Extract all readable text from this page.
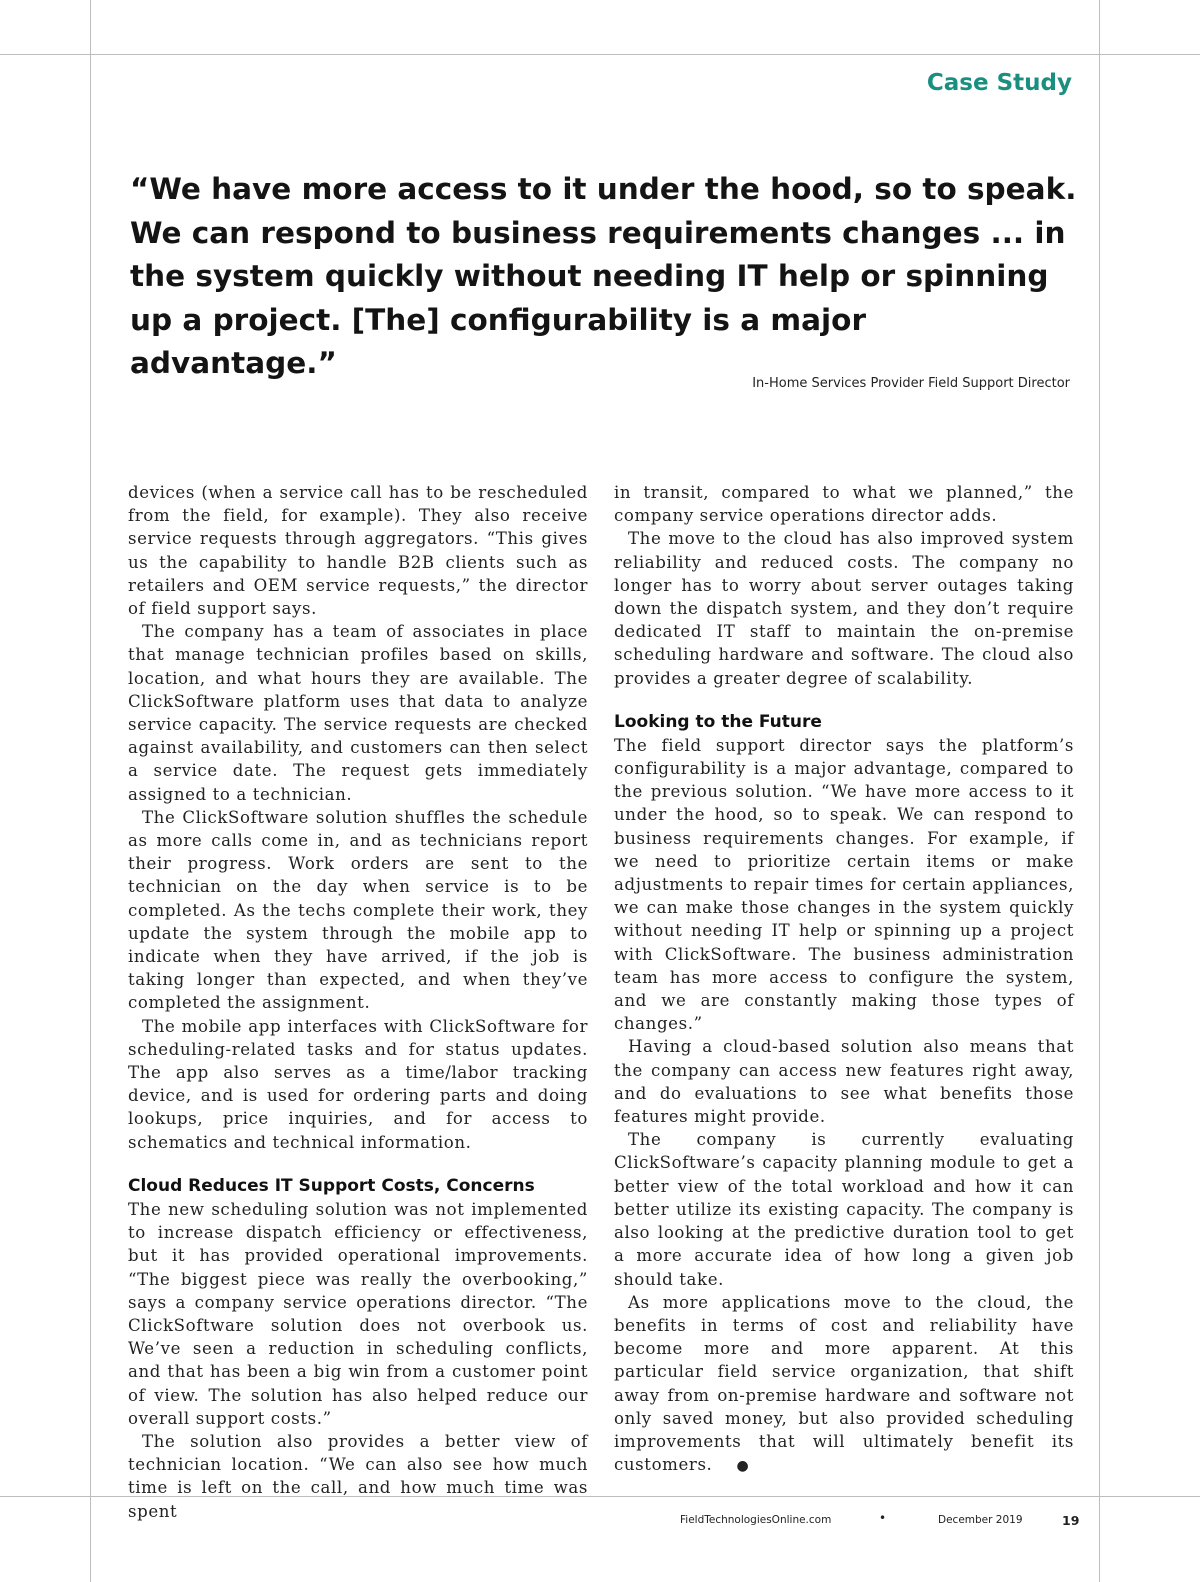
Case Study

“We have more access to it under the hood, so to speak. We can respond to business requirements changes ... in the system quickly without needing IT help or spinning up a project. [The] configurability is a major advantage.”

In-Home Services Provider Field Support Director

devices (when a service call has to be rescheduled from the field, for example). They also receive service requests through aggregators. “This gives us the capability to handle B2B clients such as retailers and OEM service requests,” the director of field support says.

The company has a team of associates in place that manage technician profiles based on skills, location, and what hours they are available. The ClickSoftware platform uses that data to analyze service capacity. The service requests are checked against availability, and customers can then select a service date. The request gets immediately assigned to a technician.

The ClickSoftware solution shuffles the schedule as more calls come in, and as technicians report their progress. Work orders are sent to the technician on the day when service is to be completed. As the techs complete their work, they update the system through the mobile app to indicate when they have arrived, if the job is taking longer than expected, and when they’ve completed the assignment.

The mobile app interfaces with ClickSoftware for scheduling-related tasks and for status updates. The app also serves as a time/labor tracking device, and is used for ordering parts and doing lookups, price inquiries, and for access to schematics and technical information.

Cloud Reduces IT Support Costs, Concerns

The new scheduling solution was not implemented to increase dispatch efficiency or effectiveness, but it has provided operational improvements. “The biggest piece was really the overbooking,” says a company service operations director. “The ClickSoftware solution does not overbook us. We’ve seen a reduction in scheduling conflicts, and that has been a big win from a customer point of view. The solution has also helped reduce our overall support costs.”

The solution also provides a better view of technician location. “We can also see how much time is left on the call, and how much time was spent

in transit, compared to what we planned,” the company service operations director adds.

The move to the cloud has also improved system reliability and reduced costs. The company no longer has to worry about server outages taking down the dispatch system, and they don’t require dedicated IT staff to maintain the on-premise scheduling hardware and software. The cloud also provides a greater degree of scalability.

Looking to the Future

The field support director says the platform’s configurability is a major advantage, compared to the previous solution. “We have more access to it under the hood, so to speak. We can respond to business requirements changes. For example, if we need to prioritize certain items or make adjustments to repair times for certain appliances, we can make those changes in the system quickly without needing IT help or spinning up a project with ClickSoftware. The business administration team has more access to configure the system, and we are constantly making those types of changes.”

Having a cloud-based solution also means that the company can access new features right away, and do evaluations to see what benefits those features might provide.

The company is currently evaluating ClickSoftware’s capacity planning module to get a better view of the total workload and how it can better utilize its existing capacity. The company is also looking at the predictive duration tool to get a more accurate idea of how long a given job should take.

As more applications move to the cloud, the benefits in terms of cost and reliability have become more and more apparent. At this particular field service organization, that shift away from on-premise hardware and software not only saved money, but also provided scheduling improvements that will ultimately benefit its customers. ●

FieldTechnologiesOnline.com	•	December 2019	19
